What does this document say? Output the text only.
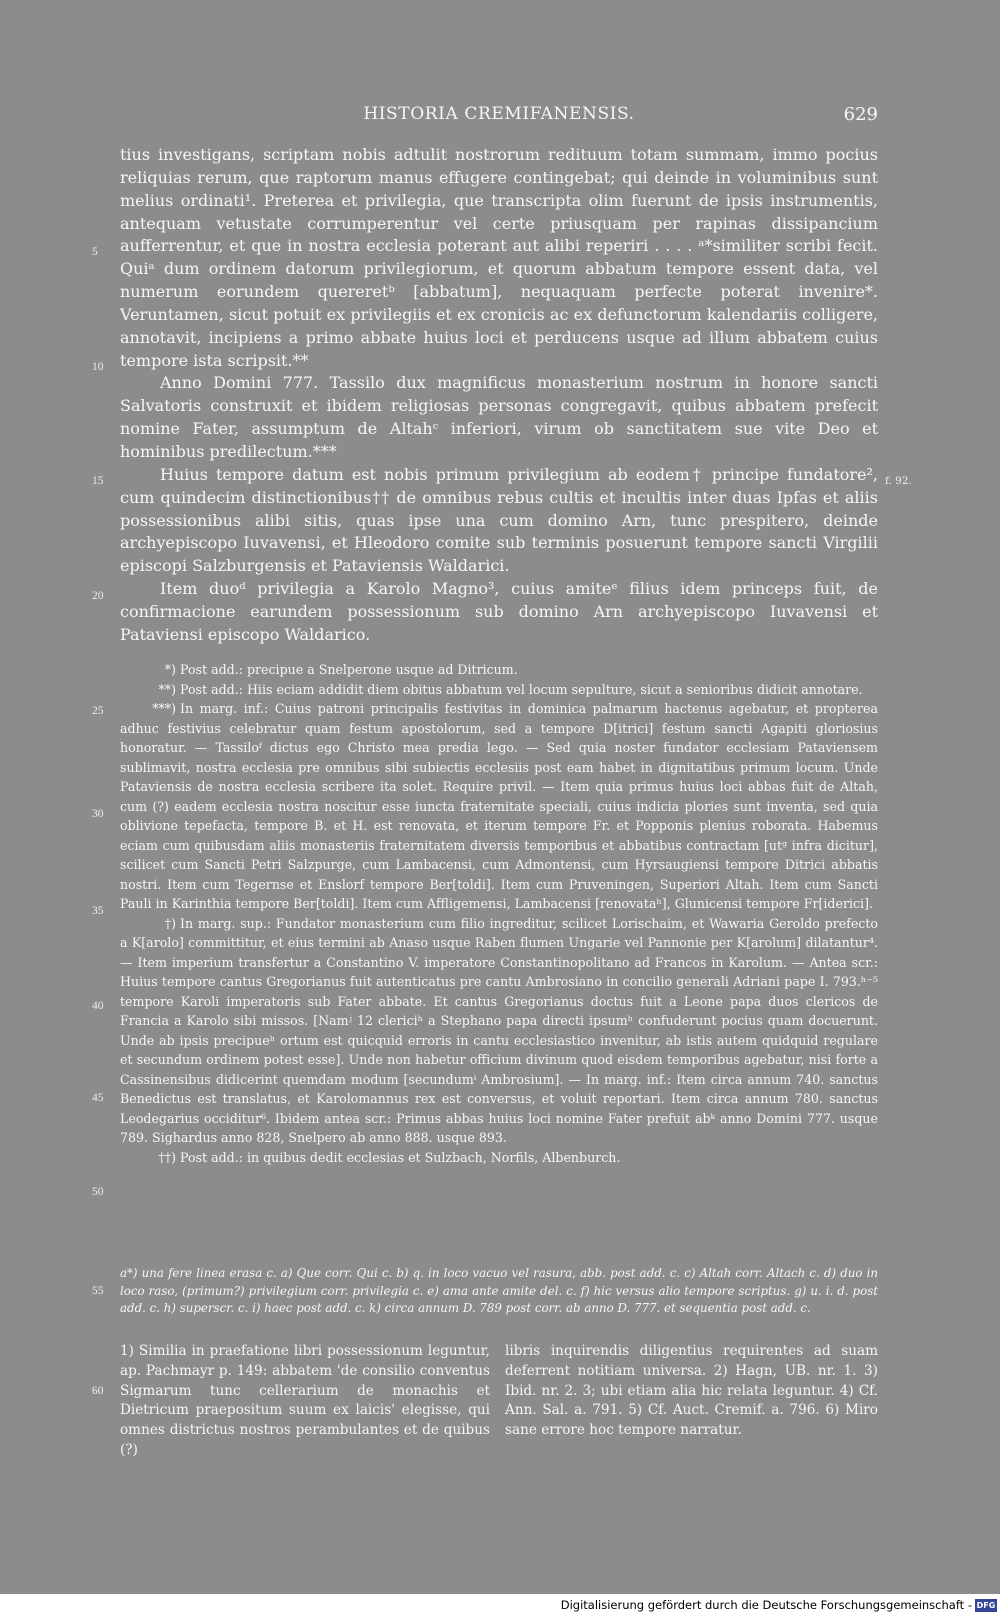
HISTORIA CREMIFANENSIS.	629

tius investigans, scriptam nobis adtulit nostrorum redituum totam summam, immo pocius reliquias rerum, que raptorum manus effugere contingebat; qui deinde in voluminibus sunt melius ordinati¹. Preterea et privilegia, que transcripta olim fuerunt de ipsis instrumentis, antequam vetustate corrumperentur vel certe priusquam per rapinas dissipancium aufferrentur, et que in nostra ecclesia poterant aut alibi reperiri . . . . ᵃ*similiter scribi fecit. Quiᵃ dum ordinem datorum privilegiorum, et quorum abbatum tempore essent data, vel numerum eorundem quereretᵇ [abbatum], nequaquam perfecte poterat invenire*. Veruntamen, sicut potuit ex privilegiis et ex cronicis ac ex defunctorum kalendariis colligere, annotavit, incipiens a primo abbate huius loci et perducens usque ad illum abbatem cuius tempore ista scripsit.**

Anno Domini 777. Tassilo dux magnificus monasterium nostrum in honore sancti Salvatoris construxit et ibidem religiosas personas congregavit, quibus abbatem prefecit nomine Fater, assumptum de Altahᶜ inferiori, virum ob sanctitatem sue vite Deo et hominibus predilectum.***

Huius tempore datum est nobis primum privilegium ab eodem† principe fundatore², cum quindecim distinctionibus†† de omnibus rebus cultis et incultis inter duas Ipfas et aliis possessionibus alibi sitis, quas ipse una cum domino Arn, tunc prespitero, deinde archyepiscopo Iuvavensi, et Hleodoro comite sub terminis posuerunt tempore sancti Virgilii episcopi Salzburgensis et Pataviensis Waldarici.

Item duoᵈ privilegia a Karolo Magno³, cuius amiteᵉ filius idem princeps fuit, de confirmacione earundem possessionum sub domino Arn archyepiscopo Iuvavensi et Pataviensi episcopo Waldarico.

f. 92.

*) Post add.: precipue a Snelperone usque ad Ditricum.

**) Post add.: Hiis eciam addidit diem obitus abbatum vel locum sepulture, sicut a senioribus didicit annotare.

***) In marg. inf.: Cuius patroni principalis festivitas in dominica palmarum hactenus agebatur, et propterea adhuc festivius celebratur quam festum apostolorum, sed a tempore D[itrici] festum sancti Agapiti gloriosius honoratur. — Tassiloᶠ dictus ego Christo mea predia lego. — Sed quia noster fundator ecclesiam Pataviensem sublimavit, nostra ecclesia pre omnibus sibi subiectis ecclesiis post eam habet in dignitatibus primum locum. Unde Pataviensis de nostra ecclesia scribere ita solet. Require privil. — Item quia primus huius loci abbas fuit de Altah, cum (?) eadem ecclesia nostra noscitur esse iuncta fraternitate speciali, cuius indicia plories sunt inventa, sed quia oblivione tepefacta, tempore B. et H. est renovata, et iterum tempore Fr. et Popponis plenius roborata. Habemus eciam cum quibusdam aliis monasteriis fraternitatem diversis temporibus et abbatibus contractam [utᵍ infra dicitur], scilicet cum Sancti Petri Salzpurge, cum Lambacensi, cum Admontensi, cum Hyrsaugiensi tempore Ditrici abbatis nostri. Item cum Tegernse et Enslorf tempore Ber[toldi]. Item cum Pruveningen, Superiori Altah. Item cum Sancti Pauli in Karinthia tempore Ber[toldi]. Item cum Affligemensi, Lambacensi [renovataʰ], Glunicensi tempore Fr[iderici].

†) In marg. sup.: Fundator monasterium cum filio ingreditur, scilicet Lorischaim, et Wawaria Geroldo prefecto a K[arolo] committitur, et eius termini ab Anaso usque Raben flumen Ungarie vel Pannonie per K[arolum] dilatantur⁴. — Item imperium transfertur a Constantino V. imperatore Constantinopolitano ad Francos in Karolum. — Antea scr.: Huius tempore cantus Gregorianus fuit autenticatus pre cantu Ambrosiano in concilio generali Adriani pape I. 793.ʰ⁻⁵ tempore Karoli imperatoris sub Fater abbate. Et cantus Gregorianus doctus fuit a Leone papa duos clericos de Francia a Karolo sibi missos. [Namʲ 12 clericiʰ a Stephano papa directi ipsumʰ confuderunt pocius quam docuerunt. Unde ab ipsis precipueʰ ortum est quicquid erroris in cantu ecclesiastico invenitur, ab istis autem quidquid regulare et secundum ordinem potest esse]. Unde non habetur officium divinum quod eisdem temporibus agebatur, nisi forte a Cassinensibus didicerint quemdam modum [secundumⁱ Ambrosium]. — In marg. inf.: Item circa annum 740. sanctus Benedictus est translatus, et Karolomannus rex est conversus, et voluit reportari. Item circa annum 780. sanctus Leodegarius occiditur⁶. Ibidem antea scr.: Primus abbas huius loci nomine Fater prefuit abᵏ anno Domini 777. usque 789. Sighardus anno 828, Snelpero ab anno 888. usque 893.

††) Post add.: in quibus dedit ecclesias et Sulzbach, Norfils, Albenburch.

a*) una fere linea erasa c. a) Que corr. Qui c. b) q. in loco vacuo vel rasura, abb. post add. c. c) Altah corr. Altach c. d) duo in loco raso, (primum?) privilegium corr. privilegia c. e) ama ante amite del. c. f) hic versus alio tempore scriptus. g) u. i. d. post add. c. h) superscr. c. i) haec post add. c. k) circa annum D. 789 post corr. ab anno D. 777. et sequentia post add. c.

1) Similia in praefatione libri possessionum leguntur, ap. Pachmayr p. 149: abbatem 'de consilio conventus Sigmarum tunc cellerarium de monachis et Dietricum praepositum suum ex laicis' elegisse, qui omnes districtus nostros perambulantes et de quibus (?)

libris inquirendis diligentius requirentes ad suam deferrent notitiam universa. 2) Hagn, UB. nr. 1. 3) Ibid. nr. 2. 3; ubi etiam alia hic relata leguntur. 4) Cf. Ann. Sal. a. 791. 5) Cf. Auct. Cremif. a. 796. 6) Miro sane errore hoc tempore narratur.

5
10
15
20
25
30
35
40
45
50
55
60
Digitalisierung gefördert durch die Deutsche Forschungsgemeinschaft - DFG
